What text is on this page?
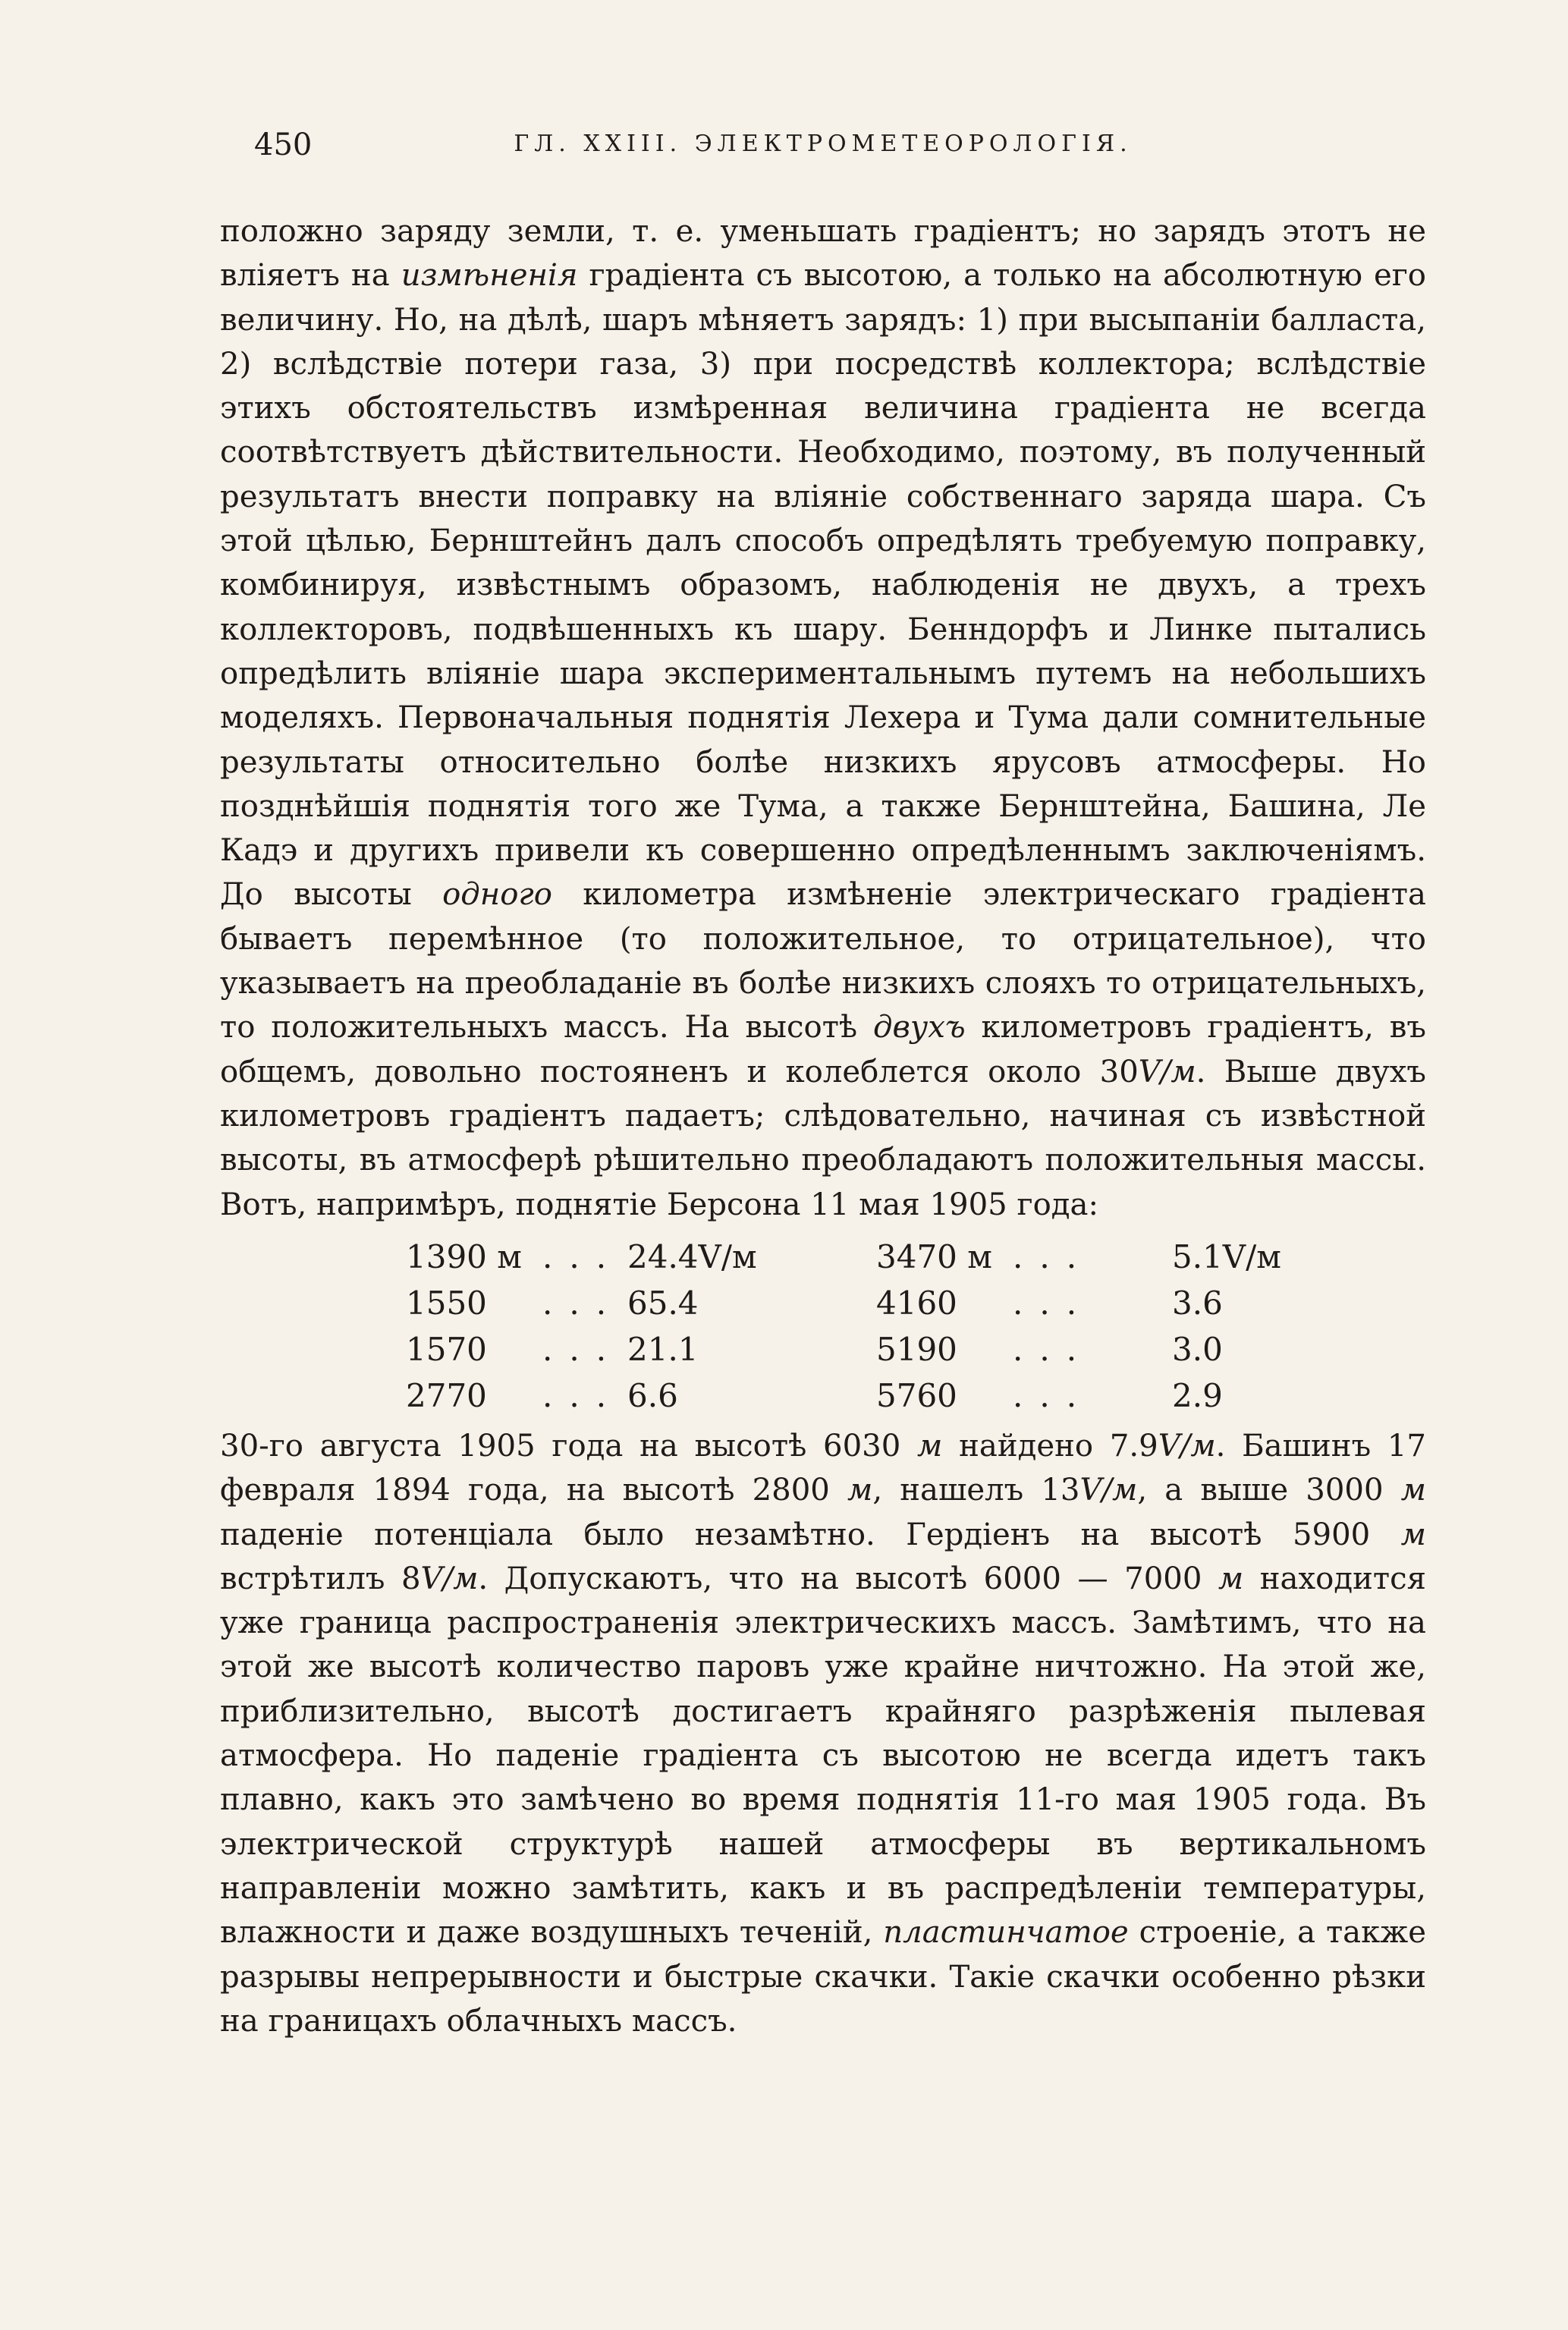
450	ГЛ. XXIII. ЭЛЕКТРОМЕТЕОРОЛОГІЯ.

положно заряду земли, т. е. уменьшать градіентъ; но зарядъ этотъ не вліяетъ на измѣненія градіента съ высотою, а только на абсолютную его величину. Но, на дѣлѣ, шаръ мѣняетъ зарядъ: 1) при высыпаніи балласта, 2) вслѣдствіе потери газа, 3) при посредствѣ коллектора; вслѣдствіе этихъ обстоятельствъ измѣренная величина градіента не всегда соотвѣтствуетъ дѣйствительности. Необходимо, поэтому, въ полученный результатъ внести поправку на вліяніе собственнаго заряда шара. Съ этой цѣлью, Бернштейнъ далъ способъ опредѣлять требуемую поправку, комбинируя, извѣстнымъ образомъ, наблюденія не двухъ, а трехъ коллекторовъ, подвѣшенныхъ къ шару. Бенндорфъ и Линке пытались опредѣлить вліяніе шара экспериментальнымъ путемъ на небольшихъ моделяхъ. Первоначальныя поднятія Лехера и Тума дали сомнительные результаты относительно болѣе низкихъ ярусовъ атмосферы. Но позднѣйшія поднятія того же Тума, а также Бернштейна, Башина, Ле Кадэ и другихъ привели къ совершенно опредѣленнымъ заключеніямъ. До высоты одного километра измѣненіе электрическаго градіента бываетъ перемѣнное (то положительное, то отрицательное), что указываетъ на преобладаніе въ болѣе низкихъ слояхъ то отрицательныхъ, то положительныхъ массъ. На высотѣ двухъ километровъ градіентъ, въ общемъ, довольно постояненъ и колеблется около 30V/м. Выше двухъ километровъ градіентъ падаетъ; слѣдовательно, начиная съ извѣстной высоты, въ атмосферѣ рѣшительно преобладаютъ положительныя массы. Вотъ, напримѣръ, поднятіе Берсона 11 мая 1905 года:

1390 м ... 24.4V/м	3470 м ... 5.1V/м
1550 ... 65.4	4160 ... 3.6
1570 ... 21.1	5190 ... 3.0
2770 ... 6.6	5760 ... 2.9

30-го августа 1905 года на высотѣ 6030 м найдено 7.9V/м. Башинъ 17 февраля 1894 года, на высотѣ 2800 м, нашелъ 13V/м, а выше 3000 м паденіе потенціала было незамѣтно. Гердіенъ на высотѣ 5900 м встрѣтилъ 8V/м. Допускаютъ, что на высотѣ 6000 — 7000 м находится уже граница распространенія электрическихъ массъ. Замѣтимъ, что на этой же высотѣ количество паровъ уже крайне ничтожно. На этой же, приблизительно, высотѣ достигаетъ крайняго разрѣженія пылевая атмосфера. Но паденіе градіента съ высотою не всегда идетъ такъ плавно, какъ это замѣчено во время поднятія 11-го мая 1905 года. Въ электрической структурѣ нашей атмосферы въ вертикальномъ направленіи можно замѣтить, какъ и въ распредѣленіи температуры, влажности и даже воздушныхъ теченій, пластинчатое строеніе, а также разрывы непрерывности и быстрые скачки. Такіе скачки особенно рѣзки на границахъ облачныхъ массъ.
